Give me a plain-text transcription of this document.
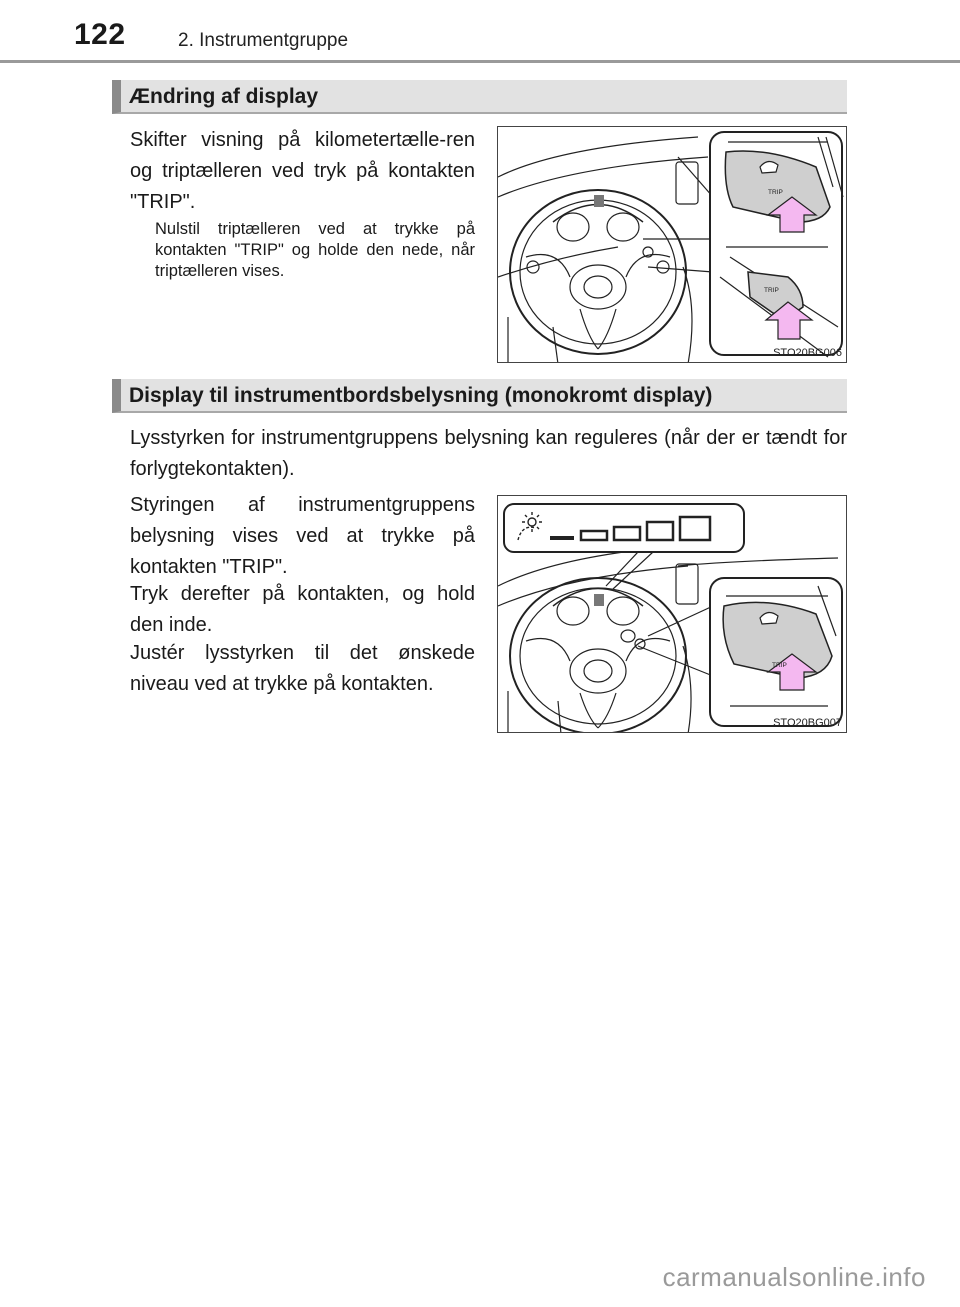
122	2. Instrumentgruppe
Ændring af display

Skifter visning på kilometertælle-ren og triptælleren ved tryk på kontakten "TRIP".

Nulstil triptælleren ved at trykke på kontakten "TRIP" og holde den nede, når triptælleren vises.

TRIP
TRIP
STO20BG006
Display til instrumentbordsbelysning (monokromt display)

Lysstyrken for instrumentgruppens belysning kan reguleres (når der er tændt for forlygtekontakten).

Styringen af instrumentgruppens belysning vises ved at trykke på kontakten "TRIP".

Tryk derefter på kontakten, og hold den inde.

Justér lysstyrken til det ønskede niveau ved at trykke på kontakten.

TRIP
STO20BG007
carmanualsonline.info
